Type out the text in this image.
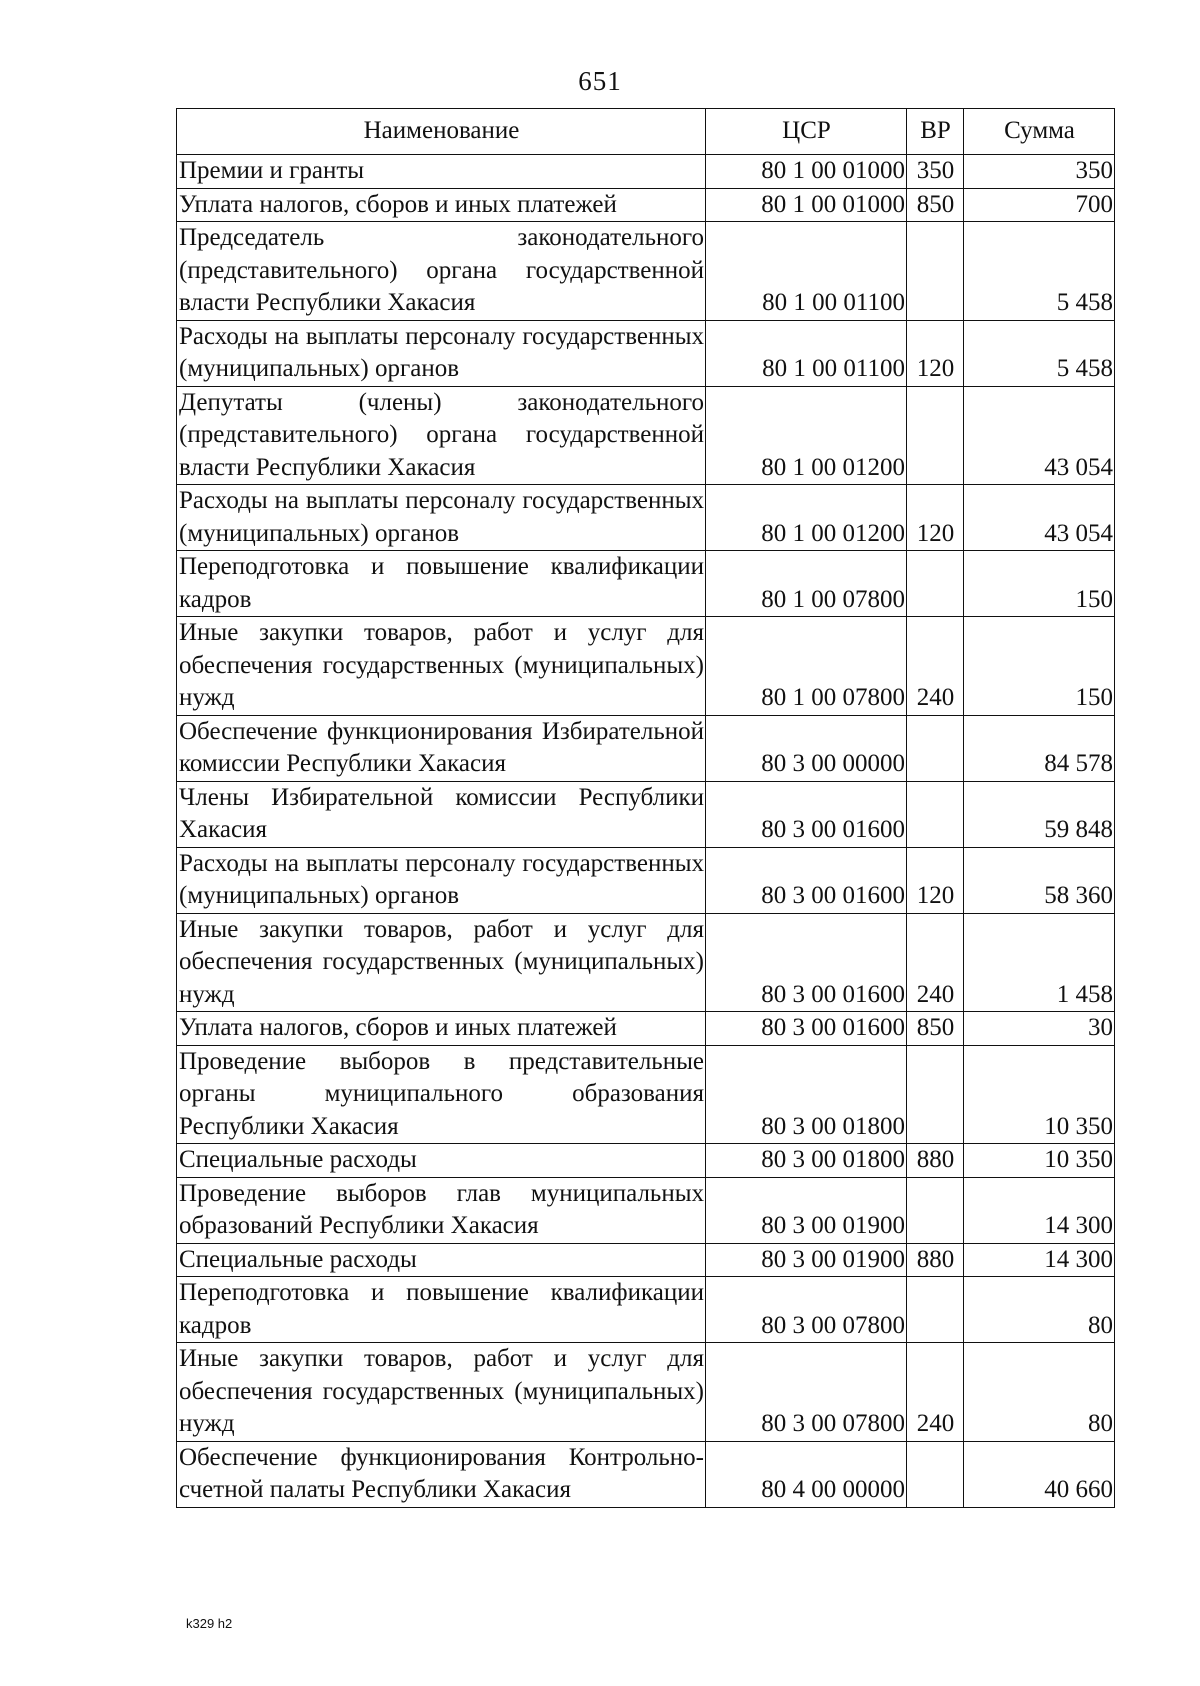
651
Наименование	ЦСР	ВР	Сумма
Премии и гранты	80 1 00 01000	350	350
Уплата налогов, сборов и иных платежей	80 1 00 01000	850	700
Председатель законодательного (представительного) органа государственной власти Республики Хакасия	80 1 00 01100		5 458
Расходы на выплаты персоналу государственных (муниципальных) органов	80 1 00 01100	120	5 458
Депутаты (члены) законодательного (представительного) органа государственной власти Республики Хакасия	80 1 00 01200		43 054
Расходы на выплаты персоналу государственных (муниципальных) органов	80 1 00 01200	120	43 054
Переподготовка и повышение квалификации кадров	80 1 00 07800		150
Иные закупки товаров, работ и услуг для обеспечения государственных (муниципальных) нужд	80 1 00 07800	240	150
Обеспечение функционирования Избирательной комиссии Республики Хакасия	80 3 00 00000		84 578
Члены Избирательной комиссии Республики Хакасия	80 3 00 01600		59 848
Расходы на выплаты персоналу государственных (муниципальных) органов	80 3 00 01600	120	58 360
Иные закупки товаров, работ и услуг для обеспечения государственных (муниципальных) нужд	80 3 00 01600	240	1 458
Уплата налогов, сборов и иных платежей	80 3 00 01600	850	30
Проведение выборов в представительные органы муниципального образования Республики Хакасия	80 3 00 01800		10 350
Специальные расходы	80 3 00 01800	880	10 350
Проведение выборов глав муниципальных образований Республики Хакасия	80 3 00 01900		14 300
Специальные расходы	80 3 00 01900	880	14 300
Переподготовка и повышение квалификации кадров	80 3 00 07800		80
Иные закупки товаров, работ и услуг для обеспечения государственных (муниципальных) нужд	80 3 00 07800	240	80
Обеспечение функционирования Контрольно-счетной палаты Республики Хакасия	80 4 00 00000		40 660
k329 h2
